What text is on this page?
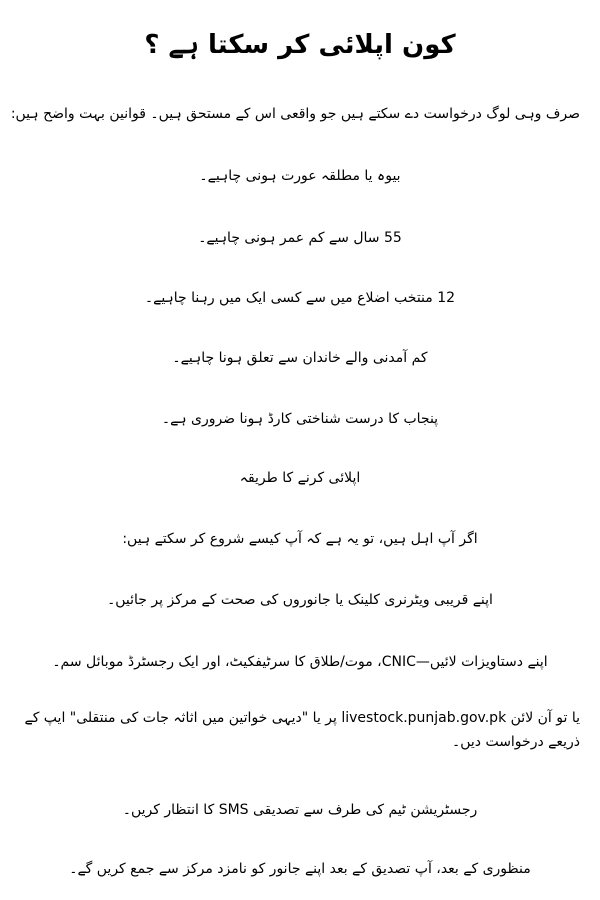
کون اپلائی کر سکتا ہے ؟
صرف وہی لوگ درخواست دے سکتے ہیں جو واقعی اس کے مستحق ہیں۔ قوانین بہت واضح ہیں:
بیوہ یا مطلقہ عورت ہونی چاہیے۔
55 سال سے کم عمر ہونی چاہیے۔
12 منتخب اضلاع میں سے کسی ایک میں رہنا چاہیے۔
کم آمدنی والے خاندان سے تعلق ہونا چاہیے۔
پنجاب کا درست شناختی کارڈ ہونا ضروری ہے۔
اپلائی کرنے کا طریقہ
اگر آپ اہل ہیں، تو یہ ہے کہ آپ کیسے شروع کر سکتے ہیں:
اپنے قریبی ویٹرنری کلینک یا جانوروں کی صحت کے مرکز پر جائیں۔
اپنے دستاویزات لائیں—CNIC، موت/طلاق کا سرٹیفکیٹ، اور ایک رجسٹرڈ موبائل سم۔
یا تو آن لائن livestock.punjab.gov.pk پر یا "دیہی خواتین میں اثاثہ جات کی منتقلی" ایپ کے ذریعے درخواست دیں۔
رجسٹریشن ٹیم کی طرف سے تصدیقی SMS کا انتظار کریں۔
منظوری کے بعد، آپ تصدیق کے بعد اپنے جانور کو نامزد مرکز سے جمع کریں گے۔
